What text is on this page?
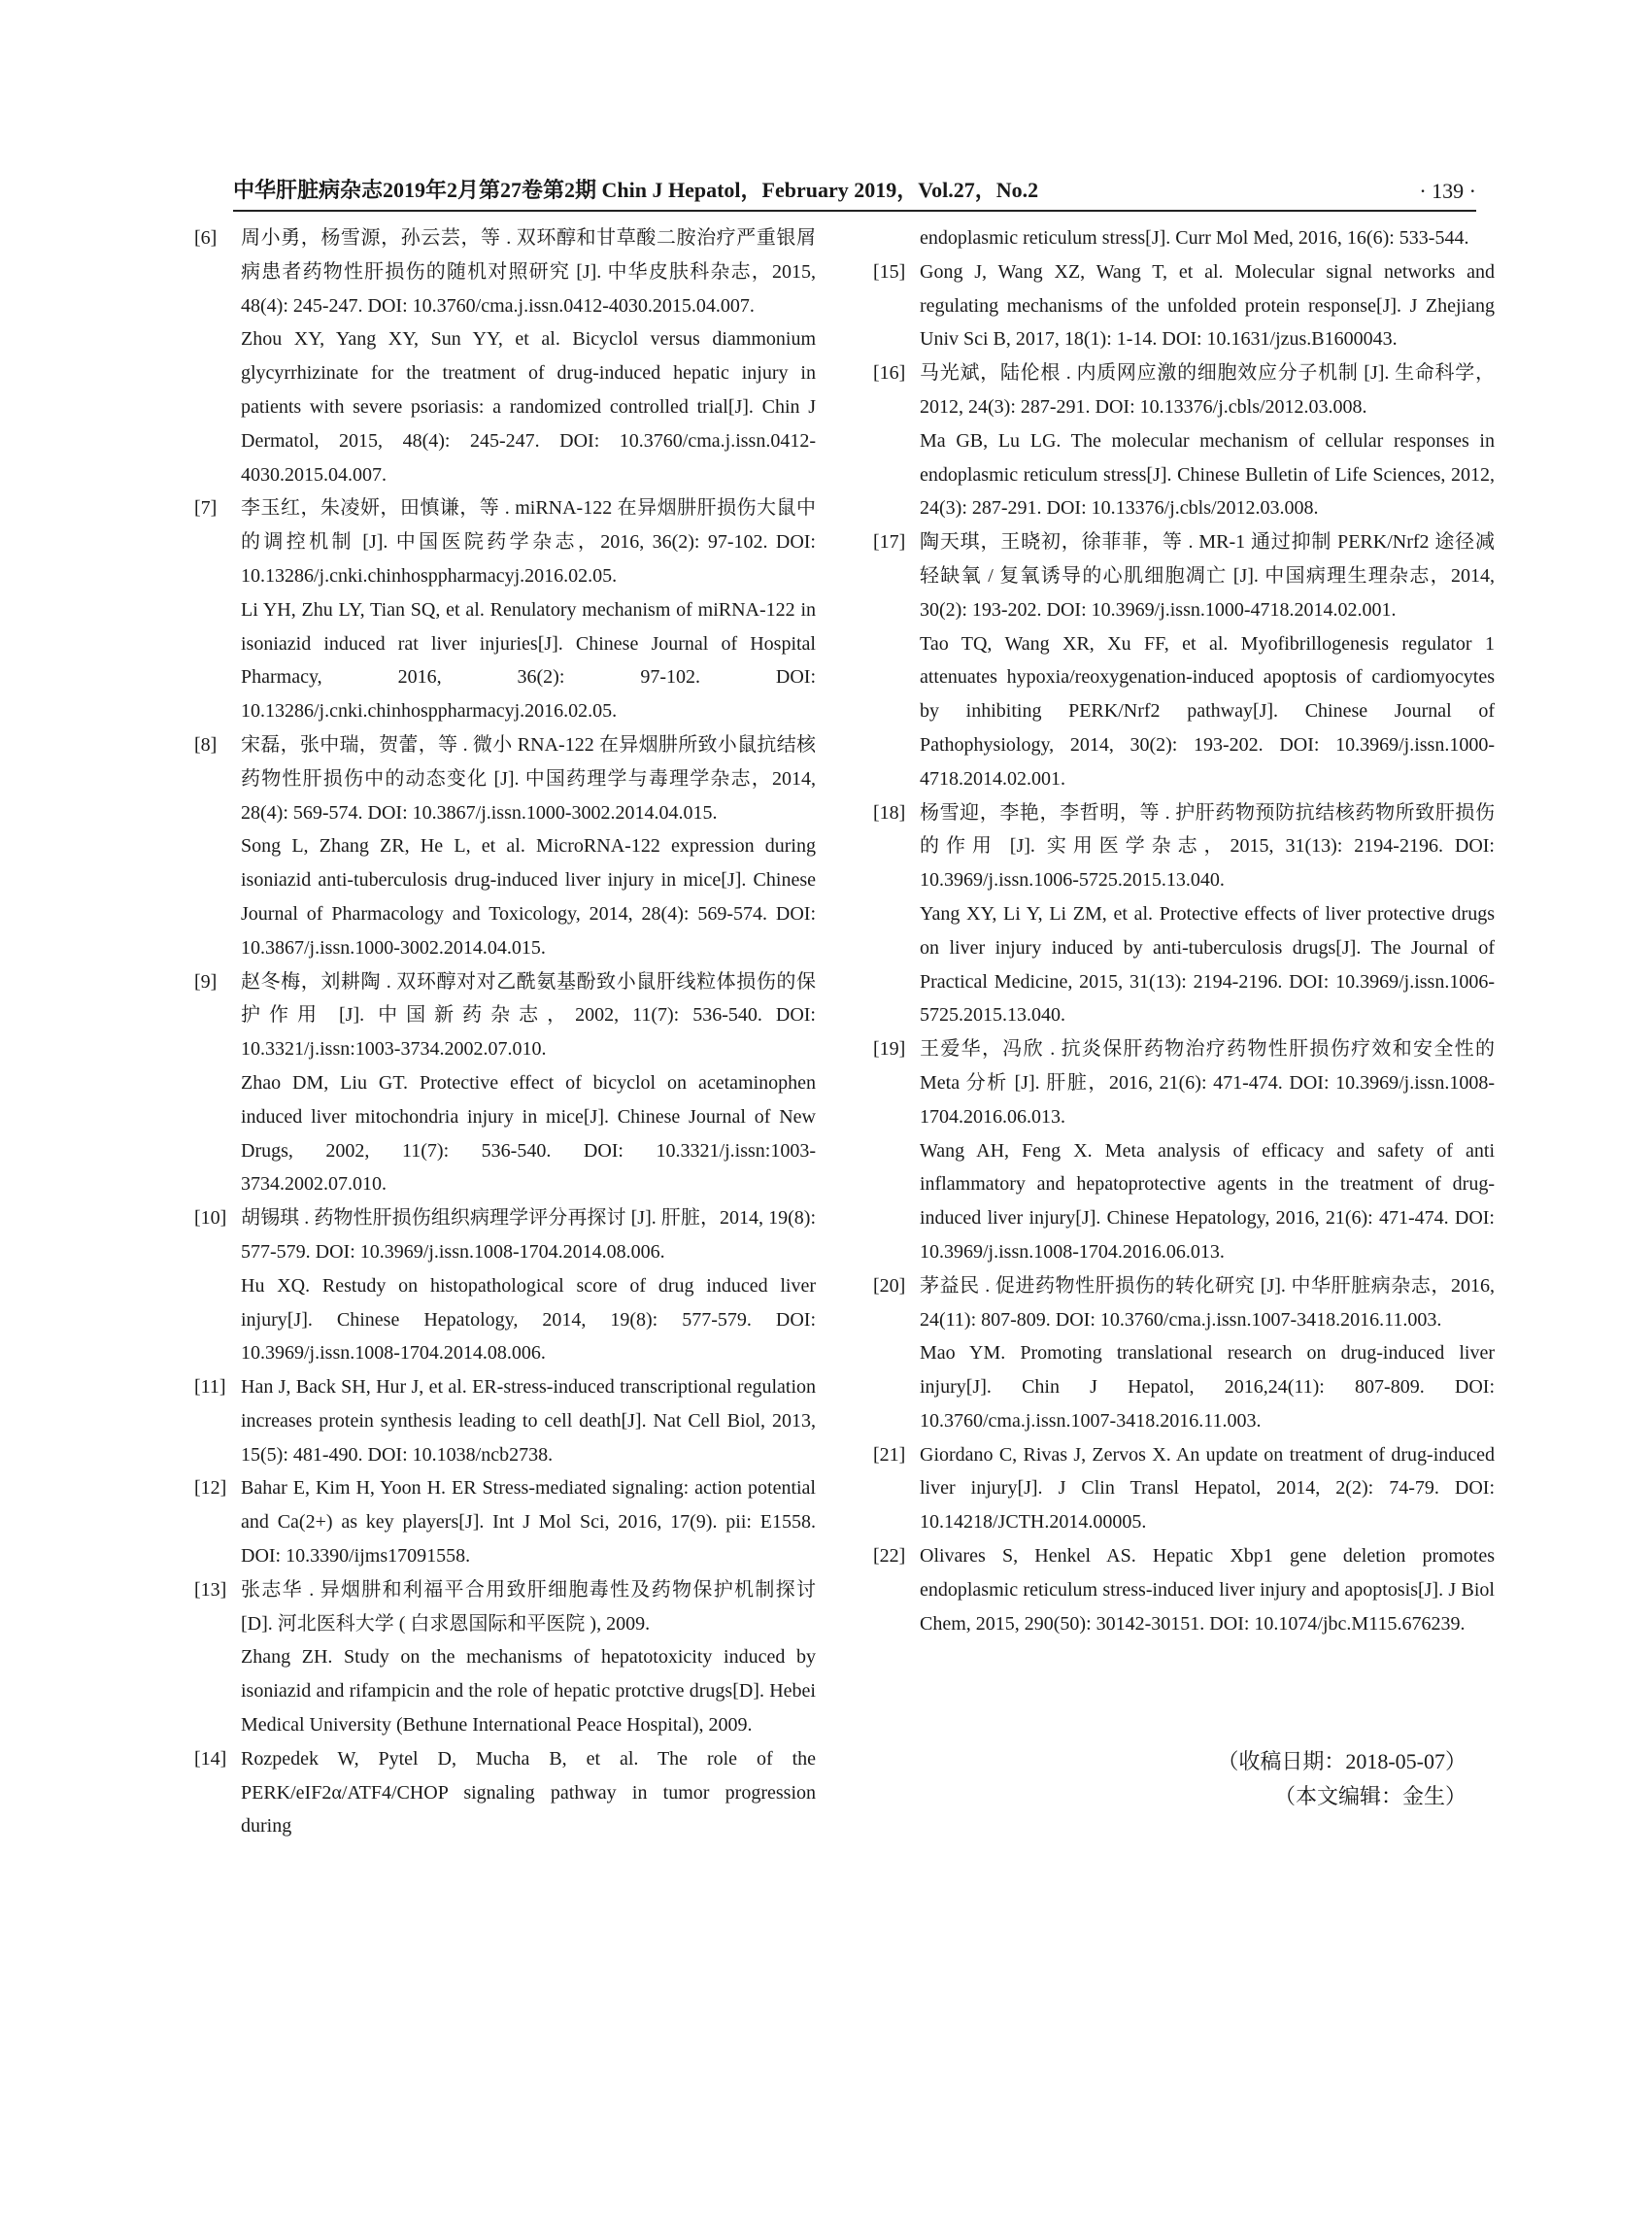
中华肝脏病杂志2019年2月第27卷第2期 Chin J Hepatol，February 2019，Vol.27，No.2	· 139 ·
[6] 周小勇，杨雪源，孙云芸，等 . 双环醇和甘草酸二胺治疗严重银屑病患者药物性肝损伤的随机对照研究 [J]. 中华皮肤科杂志，2015, 48(4): 245-247. DOI: 10.3760/cma.j.issn.0412-4030.2015.04.007.

Zhou XY, Yang XY, Sun YY, et al. Bicyclol versus diammonium glycyrrhizinate for the treatment of drug-induced hepatic injury in patients with severe psoriasis: a randomized controlled trial[J]. Chin J Dermatol, 2015, 48(4): 245-247. DOI: 10.3760/cma.j.issn.0412-4030.2015.04.007.

[7] 李玉红，朱凌妍，田慎谦，等 . miRNA-122 在异烟肼肝损伤大鼠中的调控机制 [J]. 中国医院药学杂志，2016, 36(2): 97-102. DOI: 10.13286/j.cnki.chinhosppharmacyj.2016.02.05.

Li YH, Zhu LY, Tian SQ, et al. Renulatory mechanism of miRNA-122 in isoniazid induced rat liver injuries[J]. Chinese Journal of Hospital Pharmacy, 2016, 36(2): 97-102. DOI: 10.13286/j.cnki.chinhosppharmacyj.2016.02.05.

[8] 宋磊，张中瑞，贺蕾，等 . 微小 RNA-122 在异烟肼所致小鼠抗结核药物性肝损伤中的动态变化 [J]. 中国药理学与毒理学杂志，2014, 28(4): 569-574. DOI: 10.3867/j.issn.1000-3002.2014.04.015.

Song L, Zhang ZR, He L, et al. MicroRNA-122 expression during isoniazid anti-tuberculosis drug-induced liver injury in mice[J]. Chinese Journal of Pharmacology and Toxicology, 2014, 28(4): 569-574. DOI: 10.3867/j.issn.1000-3002.2014.04.015.

[9] 赵冬梅，刘耕陶 . 双环醇对对乙酰氨基酚致小鼠肝线粒体损伤的保护作用 [J]. 中国新药杂志，2002, 11(7): 536-540. DOI: 10.3321/j.issn:1003-3734.2002.07.010.

Zhao DM, Liu GT. Protective effect of bicyclol on acetaminophen induced liver mitochondria injury in mice[J]. Chinese Journal of New Drugs, 2002, 11(7): 536-540. DOI: 10.3321/j.issn:1003-3734.2002.07.010.

[10] 胡锡琪 . 药物性肝损伤组织病理学评分再探讨 [J]. 肝脏，2014, 19(8): 577-579. DOI: 10.3969/j.issn.1008-1704.2014.08.006.

Hu XQ. Restudy on histopathological score of drug induced liver injury[J]. Chinese Hepatology, 2014, 19(8): 577-579. DOI: 10.3969/j.issn.1008-1704.2014.08.006.

[11] Han J, Back SH, Hur J, et al. ER-stress-induced transcriptional regulation increases protein synthesis leading to cell death[J]. Nat Cell Biol, 2013, 15(5): 481-490. DOI: 10.1038/ncb2738.

[12] Bahar E, Kim H, Yoon H. ER Stress-mediated signaling: action potential and Ca(2+) as key players[J]. Int J Mol Sci, 2016, 17(9). pii: E1558. DOI: 10.3390/ijms17091558.

[13] 张志华 . 异烟肼和利福平合用致肝细胞毒性及药物保护机制探讨 [D]. 河北医科大学 ( 白求恩国际和平医院 ), 2009.

Zhang ZH. Study on the mechanisms of hepatotoxicity induced by isoniazid and rifampicin and the role of hepatic protctive drugs[D]. Hebei Medical University (Bethune International Peace Hospital), 2009.

[14] Rozpedek W, Pytel D, Mucha B, et al. The role of the PERK/eIF2α/ATF4/CHOP signaling pathway in tumor progression during

endoplasmic reticulum stress[J]. Curr Mol Med, 2016, 16(6): 533-544.

[15] Gong J, Wang XZ, Wang T, et al. Molecular signal networks and regulating mechanisms of the unfolded protein response[J]. J Zhejiang Univ Sci B, 2017, 18(1): 1-14. DOI: 10.1631/jzus.B1600043.

[16] 马光斌，陆伦根 . 内质网应激的细胞效应分子机制 [J]. 生命科学，2012, 24(3): 287-291. DOI: 10.13376/j.cbls/2012.03.008.

Ma GB, Lu LG. The molecular mechanism of cellular responses in endoplasmic reticulum stress[J]. Chinese Bulletin of Life Sciences, 2012, 24(3): 287-291. DOI: 10.13376/j.cbls/2012.03.008.

[17] 陶天琪，王晓初，徐菲菲，等 . MR-1 通过抑制 PERK/Nrf2 途径减轻缺氧 / 复氧诱导的心肌细胞凋亡 [J]. 中国病理生理杂志，2014, 30(2): 193-202. DOI: 10.3969/j.issn.1000-4718.2014.02.001.

Tao TQ, Wang XR, Xu FF, et al. Myofibrillogenesis regulator 1 attenuates hypoxia/reoxygenation-induced apoptosis of cardiomyocytes by inhibiting PERK/Nrf2 pathway[J]. Chinese Journal of Pathophysiology, 2014, 30(2): 193-202. DOI: 10.3969/j.issn.1000-4718.2014.02.001.

[18] 杨雪迎，李艳，李哲明，等 . 护肝药物预防抗结核药物所致肝损伤的作用 [J]. 实用医学杂志，2015, 31(13): 2194-2196. DOI: 10.3969/j.issn.1006-5725.2015.13.040.

Yang XY, Li Y, Li ZM, et al. Protective effects of liver protective drugs on liver injury induced by anti-tuberculosis drugs[J]. The Journal of Practical Medicine, 2015, 31(13): 2194-2196. DOI: 10.3969/j.issn.1006-5725.2015.13.040.

[19] 王爱华，冯欣 . 抗炎保肝药物治疗药物性肝损伤疗效和安全性的 Meta 分析 [J]. 肝脏，2016, 21(6): 471-474. DOI: 10.3969/j.issn.1008-1704.2016.06.013.

Wang AH, Feng X. Meta analysis of efficacy and safety of anti inflammatory and hepatoprotective agents in the treatment of drug-induced liver injury[J]. Chinese Hepatology, 2016, 21(6): 471-474. DOI: 10.3969/j.issn.1008-1704.2016.06.013.

[20] 茅益民 . 促进药物性肝损伤的转化研究 [J]. 中华肝脏病杂志，2016, 24(11): 807-809. DOI: 10.3760/cma.j.issn.1007-3418.2016.11.003.

Mao YM. Promoting translational research on drug-induced liver injury[J]. Chin J Hepatol, 2016,24(11): 807-809. DOI: 10.3760/cma.j.issn.1007-3418.2016.11.003.

[21] Giordano C, Rivas J, Zervos X. An update on treatment of drug-induced liver injury[J]. J Clin Transl Hepatol, 2014, 2(2): 74-79. DOI: 10.14218/JCTH.2014.00005.

[22] Olivares S, Henkel AS. Hepatic Xbp1 gene deletion promotes endoplasmic reticulum stress-induced liver injury and apoptosis[J]. J Biol Chem, 2015, 290(50): 30142-30151. DOI: 10.1074/jbc.M115.676239.

（收稿日期：2018-05-07）
（本文编辑：金生）
